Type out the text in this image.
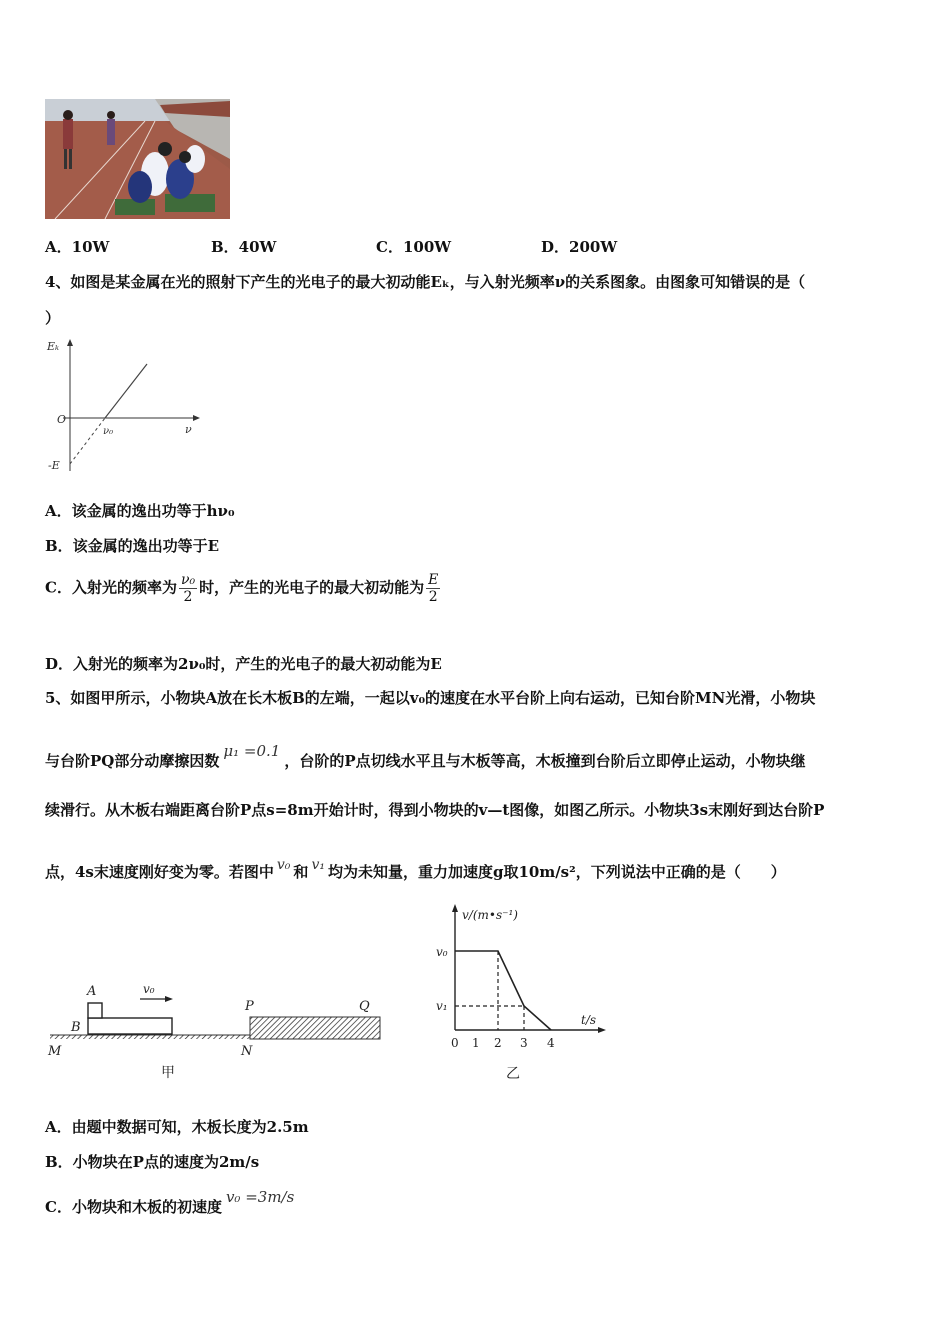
A．10W	B．40W	C．100W	D．200W
4、如图是某金属在光的照射下产生的光电子的最大初动能Eₖ，与入射光频率ν的关系图象。由图象可知错误的是（
）
Eₖ
O
ν₀	ν
-E
A．该金属的逸出功等于hν₀
B．该金属的逸出功等于E
C．入射光的频率为 $\frac{\text{ν₀}}{2}$ 时，产生的光电子的最大初动能为 $\frac{E}{2}$
D．入射光的频率为2ν₀时，产生的光电子的最大初动能为E
5、如图甲所示，小物块A放在长木板B的左端，一起以v₀的速度在水平台阶上向右运动，已知台阶MN光滑，小物块
与台阶PQ部分动摩擦因数μ₁ =0.1，台阶的P点切线水平且与木板等高，木板撞到台阶后立即停止运动，小物块继
续滑行。从木板右端距离台阶P点s=8m开始计时，得到小物块的v—t图像，如图乙所示。小物块3s末刚好到达台阶P
点，4s末速度刚好变为零。若图中 v₀ 和 v₁ 均为未知量，重力加速度g取10m/s²，下列说法中正确的是（　　）
A
B
v₀
P	Q
M	N
甲
v/(m•s⁻¹)
t/s
v₀
v₁
0 1 2 3 4
乙
A．由题中数据可知，木板长度为2.5m
B．小物块在P点的速度为2m/s
C．小物块和木板的初速度v₀ =3m/s
